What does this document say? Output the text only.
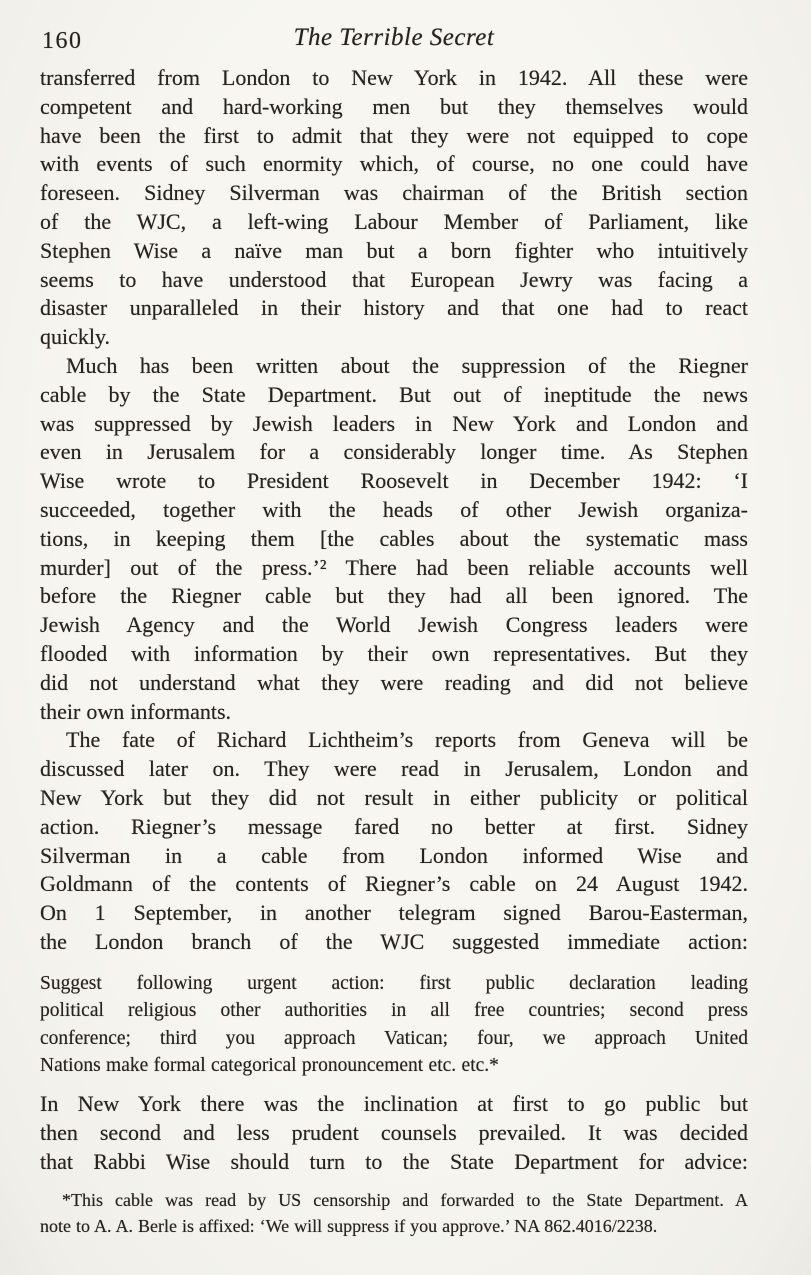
160	The Terrible Secret

transferred from London to New York in 1942. All these were
competent and hard-working men but they themselves would
have been the first to admit that they were not equipped to cope
with events of such enormity which, of course, no one could have
foreseen. Sidney Silverman was chairman of the British section
of the WJC, a left-wing Labour Member of Parliament, like
Stephen Wise a naïve man but a born fighter who intuitively
seems to have understood that European Jewry was facing a
disaster unparalleled in their history and that one had to react
quickly.

Much has been written about the suppression of the Riegner
cable by the State Department. But out of ineptitude the news
was suppressed by Jewish leaders in New York and London and
even in Jerusalem for a considerably longer time. As Stephen
Wise wrote to President Roosevelt in December 1942: ‘I
succeeded, together with the heads of other Jewish organiza-
tions, in keeping them [the cables about the systematic mass
murder] out of the press.’² There had been reliable accounts well
before the Riegner cable but they had all been ignored. The
Jewish Agency and the World Jewish Congress leaders were
flooded with information by their own representatives. But they
did not understand what they were reading and did not believe
their own informants.

The fate of Richard Lichtheim’s reports from Geneva will be
discussed later on. They were read in Jerusalem, London and
New York but they did not result in either publicity or political
action. Riegner’s message fared no better at first. Sidney
Silverman in a cable from London informed Wise and
Goldmann of the contents of Riegner’s cable on 24 August 1942.
On 1 September, in another telegram signed Barou-Easterman,
the London branch of the WJC suggested immediate action:

Suggest following urgent action: first public declaration leading
political religious other authorities in all free countries; second press
conference; third you approach Vatican; four, we approach United
Nations make formal categorical pronouncement etc. etc.*

In New York there was the inclination at first to go public but
then second and less prudent counsels prevailed. It was decided
that Rabbi Wise should turn to the State Department for advice:

*This cable was read by US censorship and forwarded to the State Department. A
note to A. A. Berle is affixed: ‘We will suppress if you approve.’ NA 862.4016/2238.
